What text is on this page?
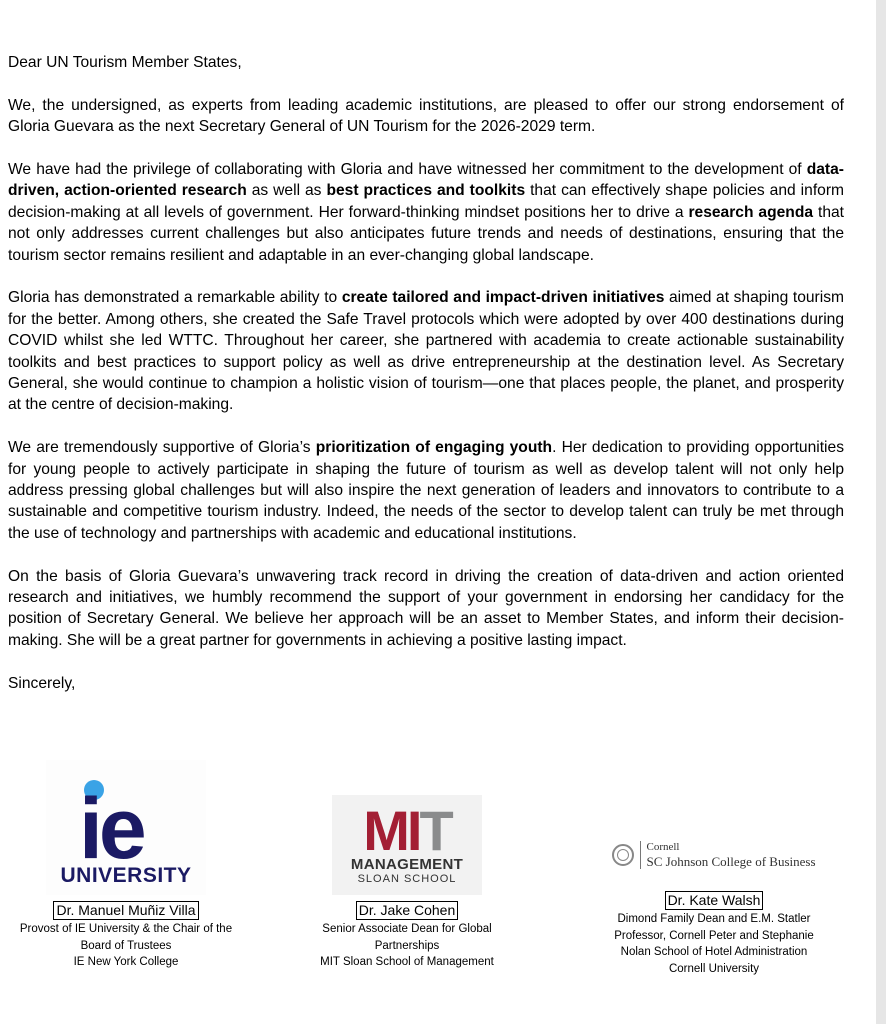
Dear UN Tourism Member States,

We, the undersigned, as experts from leading academic institutions, are pleased to offer our strong endorsement of Gloria Guevara as the next Secretary General of UN Tourism for the 2026-2029 term.

We have had the privilege of collaborating with Gloria and have witnessed her commitment to the development of data-driven, action-oriented research as well as best practices and toolkits that can effectively shape policies and inform decision-making at all levels of government. Her forward-thinking mindset positions her to drive a research agenda that not only addresses current challenges but also anticipates future trends and needs of destinations, ensuring that the tourism sector remains resilient and adaptable in an ever-changing global landscape.

Gloria has demonstrated a remarkable ability to create tailored and impact-driven initiatives aimed at shaping tourism for the better. Among others, she created the Safe Travel protocols which were adopted by over 400 destinations during COVID whilst she led WTTC. Throughout her career, she partnered with academia to create actionable sustainability toolkits and best practices to support policy as well as drive entrepreneurship at the destination level. As Secretary General, she would continue to champion a holistic vision of tourism—one that places people, the planet, and prosperity at the centre of decision-making.

We are tremendously supportive of Gloria’s prioritization of engaging youth. Her dedication to providing opportunities for young people to actively participate in shaping the future of tourism as well as develop talent will not only help address pressing global challenges but will also inspire the next generation of leaders and innovators to contribute to a sustainable and competitive tourism industry. Indeed, the needs of the sector to develop talent can truly be met through the use of technology and partnerships with academic and educational institutions.

On the basis of Gloria Guevara’s unwavering track record in driving the creation of data-driven and action oriented research and initiatives, we humbly recommend the support of your government in endorsing her candidacy for the position of Secretary General. We believe her approach will be an asset to Member States, and inform their decision-making. She will be a great partner for governments in achieving a positive lasting impact.

Sincerely,

ie
UNIVERSITY
Dr. Manuel Muñiz Villa
Provost of IE University & the Chair of the
Board of Trustees
IE New York College
MIT
MANAGEMENT
SLOAN SCHOOL
Dr. Jake Cohen
Senior Associate Dean for Global
Partnerships
MIT Sloan School of Management
Cornell
SC Johnson College of Business
Dr. Kate Walsh
Dimond Family Dean and E.M. Statler
Professor, Cornell Peter and Stephanie
Nolan School of Hotel Administration
Cornell University
